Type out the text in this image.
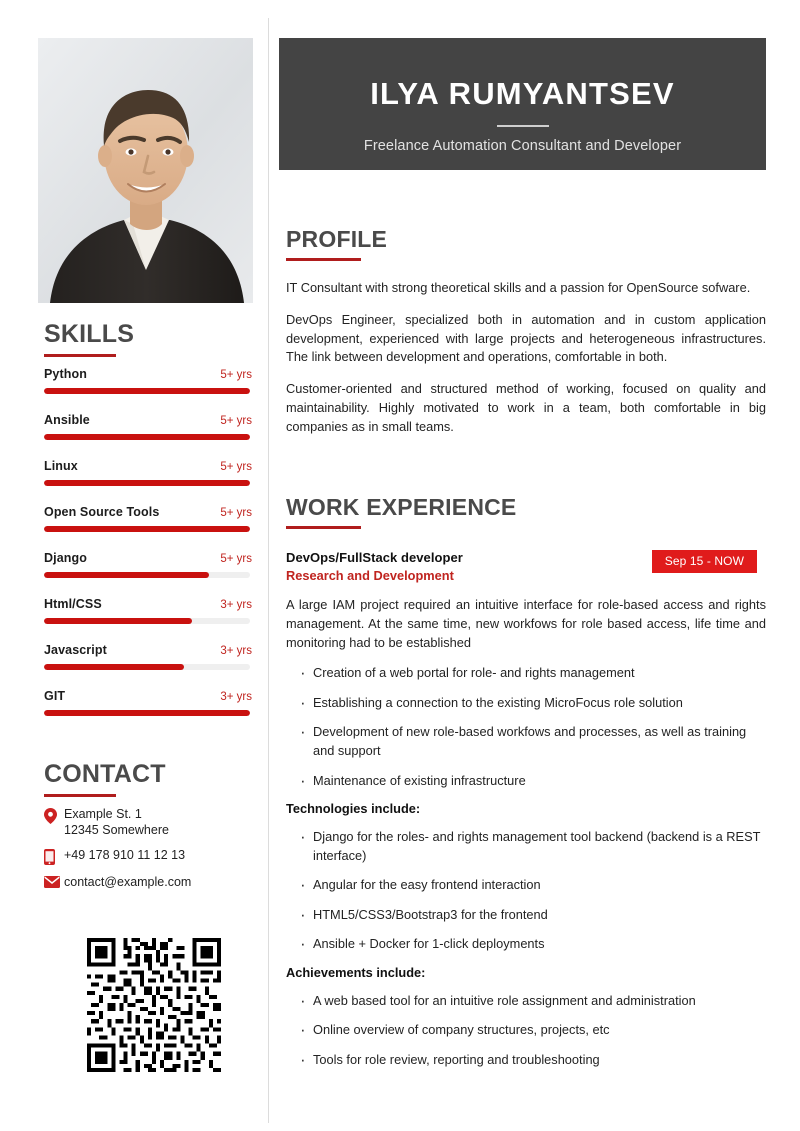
SKILLS
Python	5+ yrs
Ansible	5+ yrs
Linux	5+ yrs
Open Source Tools	5+ yrs
Django	5+ yrs
Html/CSS	3+ yrs
Javascript	3+ yrs
GIT	3+ yrs
CONTACT
Example St. 1
12345 Somewhere
+49 178 910 11 12 13
contact@example.com
ILYA RUMYANTSEV
Freelance Automation Consultant and Developer
PROFILE

IT Consultant with strong theoretical skills and a passion for OpenSource sofware.

DevOps Engineer, specialized both in automation and in custom application development, experienced with large projects and heterogeneous infrastructures. The link between development and operations, comfortable in both.

Customer-oriented and structured method of working, focused on quality and maintainability. Highly motivated to work in a team, both comfortable in big companies as in small teams.

WORK EXPERIENCE
DevOps/FullStack developer
Research and Development
Sep 15 - NOW
A large IAM project required an intuitive interface for role-based access and rights management. At the same time, new workfows for role based access, life time and monitoring had to be established
· Creation of a web portal for role- and rights management
· Establishing a connection to the existing MicroFocus role solution
· Development of new role-based workfows and processes, as well as training and support
· Maintenance of existing infrastructure
Technologies include:
· Django for the roles- and rights management tool backend (backend is a REST interface)
· Angular for the easy frontend interaction
· HTML5/CSS3/Bootstrap3 for the frontend
· Ansible + Docker for 1-click deployments
Achievements include:
· A web based tool for an intuitive role assignment and administration
· Online overview of company structures, projects, etc
· Tools for role review, reporting and troubleshooting
